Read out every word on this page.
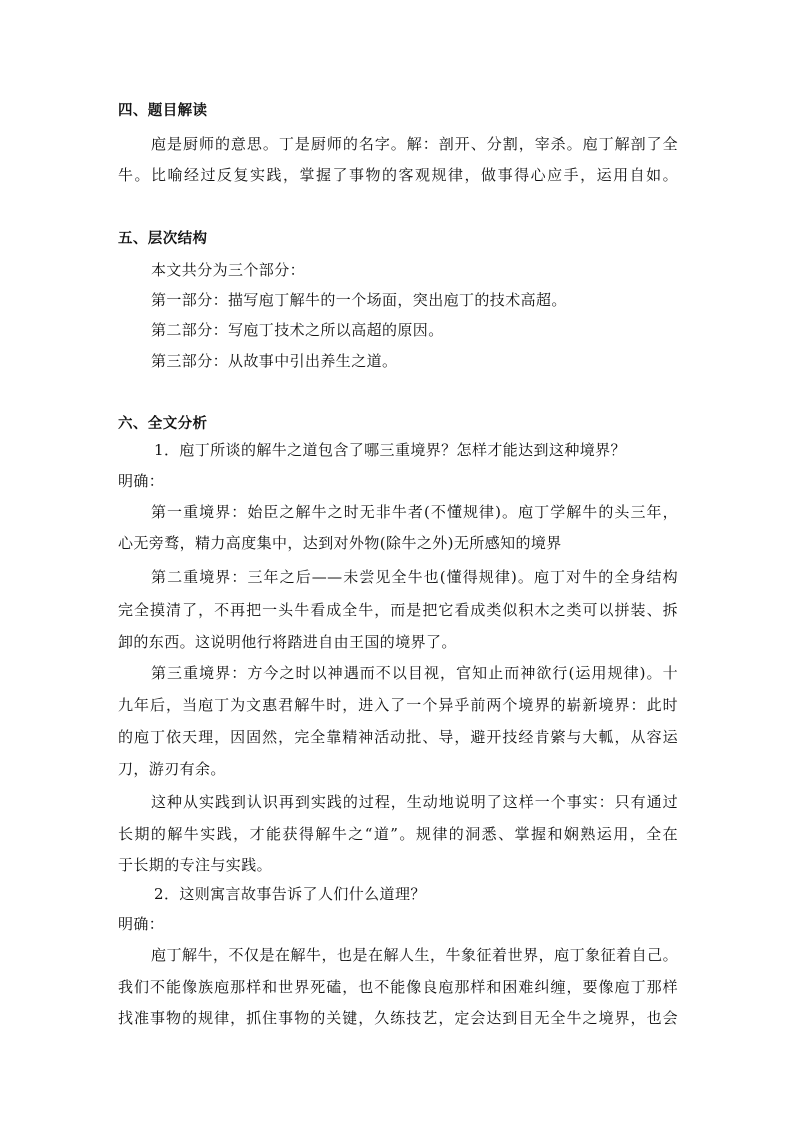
四、题目解读

庖是厨师的意思。丁是厨师的名字。解：剖开、分割，宰杀。庖丁解剖了全

牛。比喻经过反复实践，掌握了事物的客观规律，做事得心应手，运用自如。

五、层次结构

本文共分为三个部分：

第一部分：描写庖丁解牛的一个场面，突出庖丁的技术高超。

第二部分：写庖丁技术之所以高超的原因。

第三部分：从故事中引出养生之道。

六、全文分析

1．庖丁所谈的解牛之道包含了哪三重境界？怎样才能达到这种境界？

明确：

第一重境界：始臣之解牛之时无非牛者(不懂规律)。庖丁学解牛的头三年，

心无旁骛，精力高度集中，达到对外物(除牛之外)无所感知的境界

第二重境界：三年之后——未尝见全牛也(懂得规律)。庖丁对牛的全身结构

完全摸清了，不再把一头牛看成全牛，而是把它看成类似积木之类可以拼装、拆

卸的东西。这说明他行将踏进自由王国的境界了。

第三重境界：方今之时以神遇而不以目视，官知止而神欲行(运用规律)。十

九年后，当庖丁为文惠君解牛时，进入了一个异乎前两个境界的崭新境界：此时

的庖丁依天理，因固然，完全靠精神活动批、导，避开技经肯綮与大軱，从容运

刀，游刃有余。

这种从实践到认识再到实践的过程，生动地说明了这样一个事实：只有通过

长期的解牛实践，才能获得解牛之“道”。规律的洞悉、掌握和娴熟运用，全在

于长期的专注与实践。

2．这则寓言故事告诉了人们什么道理？

明确：

庖丁解牛，不仅是在解牛，也是在解人生，牛象征着世界，庖丁象征着自己。

我们不能像族庖那样和世界死磕，也不能像良庖那样和困难纠缠，要像庖丁那样

找准事物的规律，抓住事物的关键，久练技艺，定会达到目无全牛之境界，也会
